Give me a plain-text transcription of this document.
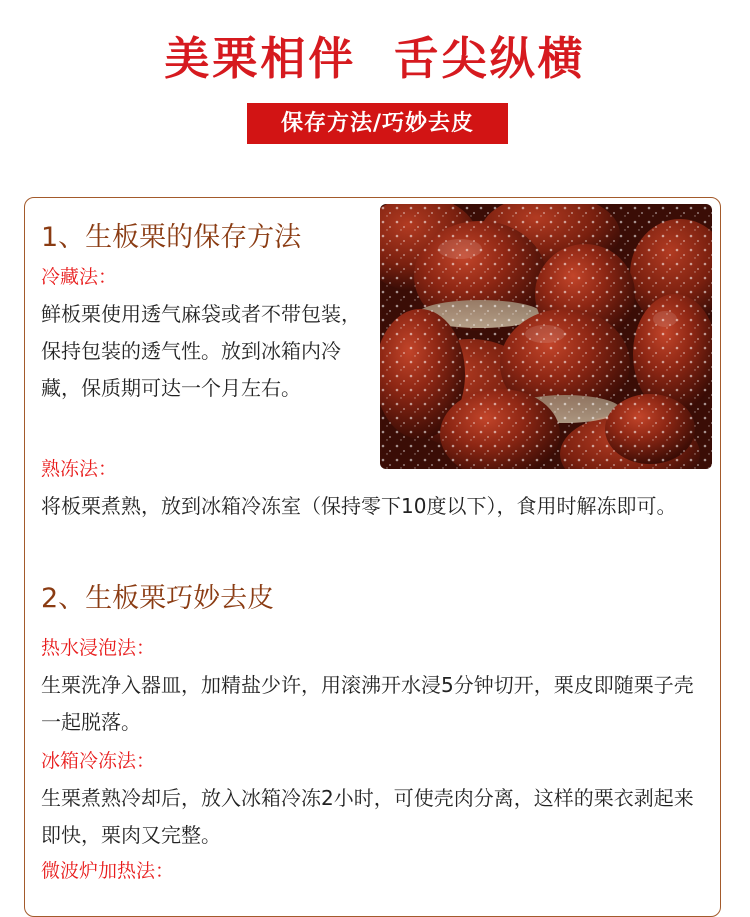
美栗相伴  舌尖纵横
保存方法/巧妙去皮
1、生板栗的保存方法
冷藏法：
鲜板栗使用透气麻袋或者不带包装，保持包装的透气性。放到冰箱内冷藏，保质期可达一个月左右。
熟冻法：
将板栗煮熟，放到冰箱冷冻室（保持零下10度以下），食用时解冻即可。
2、生板栗巧妙去皮
热水浸泡法：
生栗洗净入器皿，加精盐少许，用滚沸开水浸5分钟切开，栗皮即随栗子壳一起脱落。
冰箱冷冻法：
生栗煮熟冷却后，放入冰箱冷冻2小时，可使壳肉分离，这样的栗衣剥起来即快，栗肉又完整。
微波炉加热法：
